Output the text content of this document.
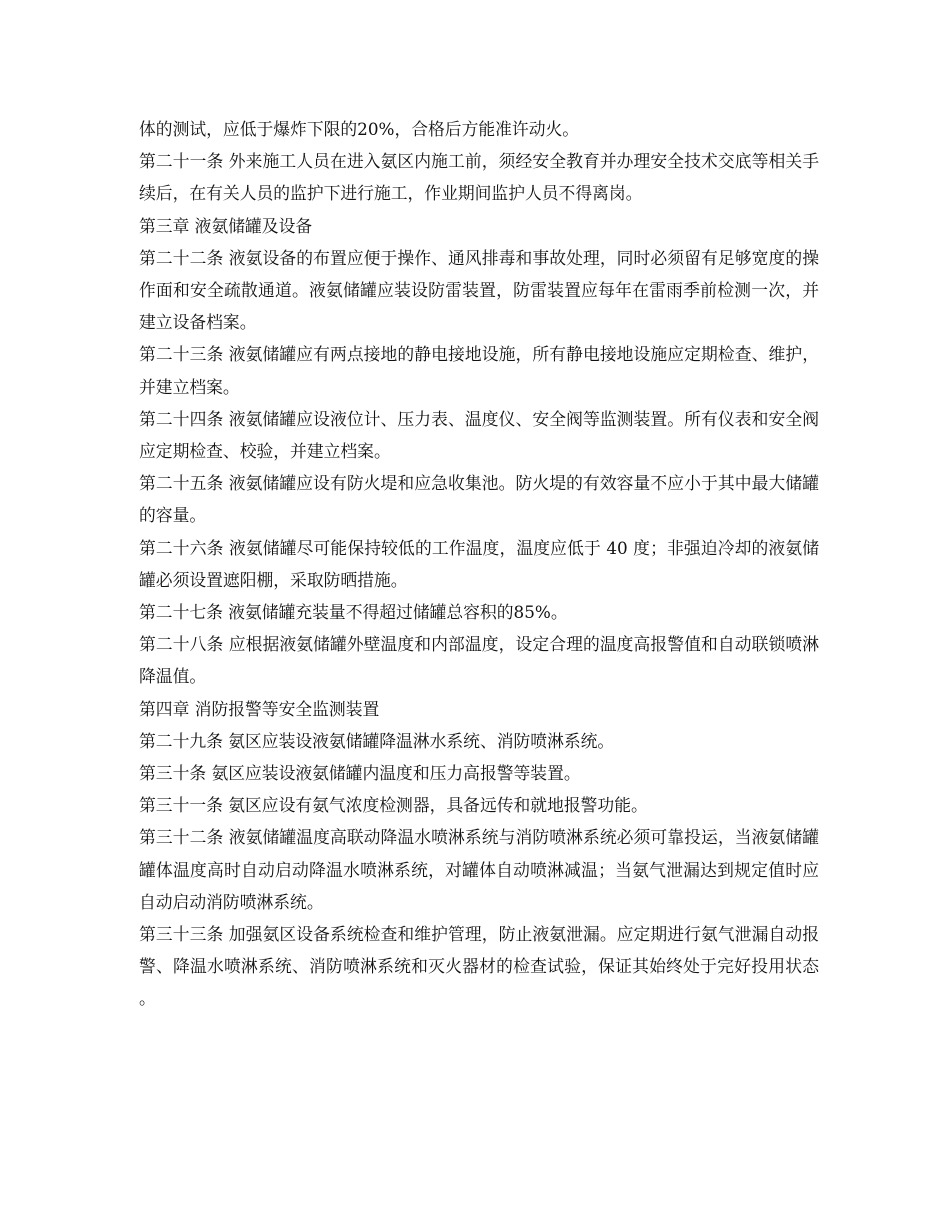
体的测试，应低于爆炸下限的20%，合格后方能准许动火。

第二十一条 外来施工人员在进入氨区内施工前，须经安全教育并办理安全技术交底等相关手续后，在有关人员的监护下进行施工，作业期间监护人员不得离岗。

第三章 液氨储罐及设备

第二十二条 液氨设备的布置应便于操作、通风排毒和事故处理，同时必须留有足够宽度的操作面和安全疏散通道。液氨储罐应装设防雷装置，防雷装置应每年在雷雨季前检测一次，并建立设备档案。

第二十三条 液氨储罐应有两点接地的静电接地设施，所有静电接地设施应定期检查、维护，并建立档案。

第二十四条 液氨储罐应设液位计、压力表、温度仪、安全阀等监测装置。所有仪表和安全阀应定期检查、校验，并建立档案。

第二十五条 液氨储罐应设有防火堤和应急收集池。防火堤的有效容量不应小于其中最大储罐的容量。

第二十六条 液氨储罐尽可能保持较低的工作温度，温度应低于 40 度；非强迫冷却的液氨储罐必须设置遮阳棚，采取防晒措施。

第二十七条 液氨储罐充装量不得超过储罐总容积的85%。

第二十八条 应根据液氨储罐外壁温度和内部温度，设定合理的温度高报警值和自动联锁喷淋降温值。

第四章 消防报警等安全监测装置

第二十九条 氨区应装设液氨储罐降温淋水系统、消防喷淋系统。

第三十条 氨区应装设液氨储罐内温度和压力高报警等装置。

第三十一条 氨区应设有氨气浓度检测器，具备远传和就地报警功能。

第三十二条 液氨储罐温度高联动降温水喷淋系统与消防喷淋系统必须可靠投运，当液氨储罐罐体温度高时自动启动降温水喷淋系统，对罐体自动喷淋减温；当氨气泄漏达到规定值时应自动启动消防喷淋系统。

第三十三条 加强氨区设备系统检查和维护管理，防止液氨泄漏。应定期进行氨气泄漏自动报警、降温水喷淋系统、消防喷淋系统和灭火器材的检查试验，保证其始终处于完好投用状态。
